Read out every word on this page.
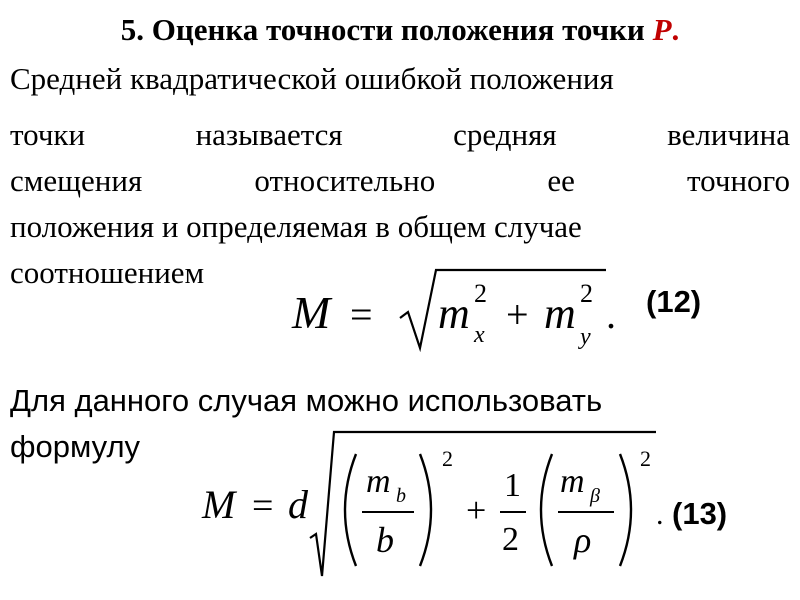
5. Оценка точности положения точки P.
Средней квадратической ошибкой положения
точки	называется	средняя	величина
смещения	относительно	ее	точного
положения и определяемая в общем случае
соотношением
M = m 2
x + m 2
y . (12)
Для данного случая можно использовать
формулу
M = d
m b
b
2
+
1
2
m β
ρ
2
. (13)
